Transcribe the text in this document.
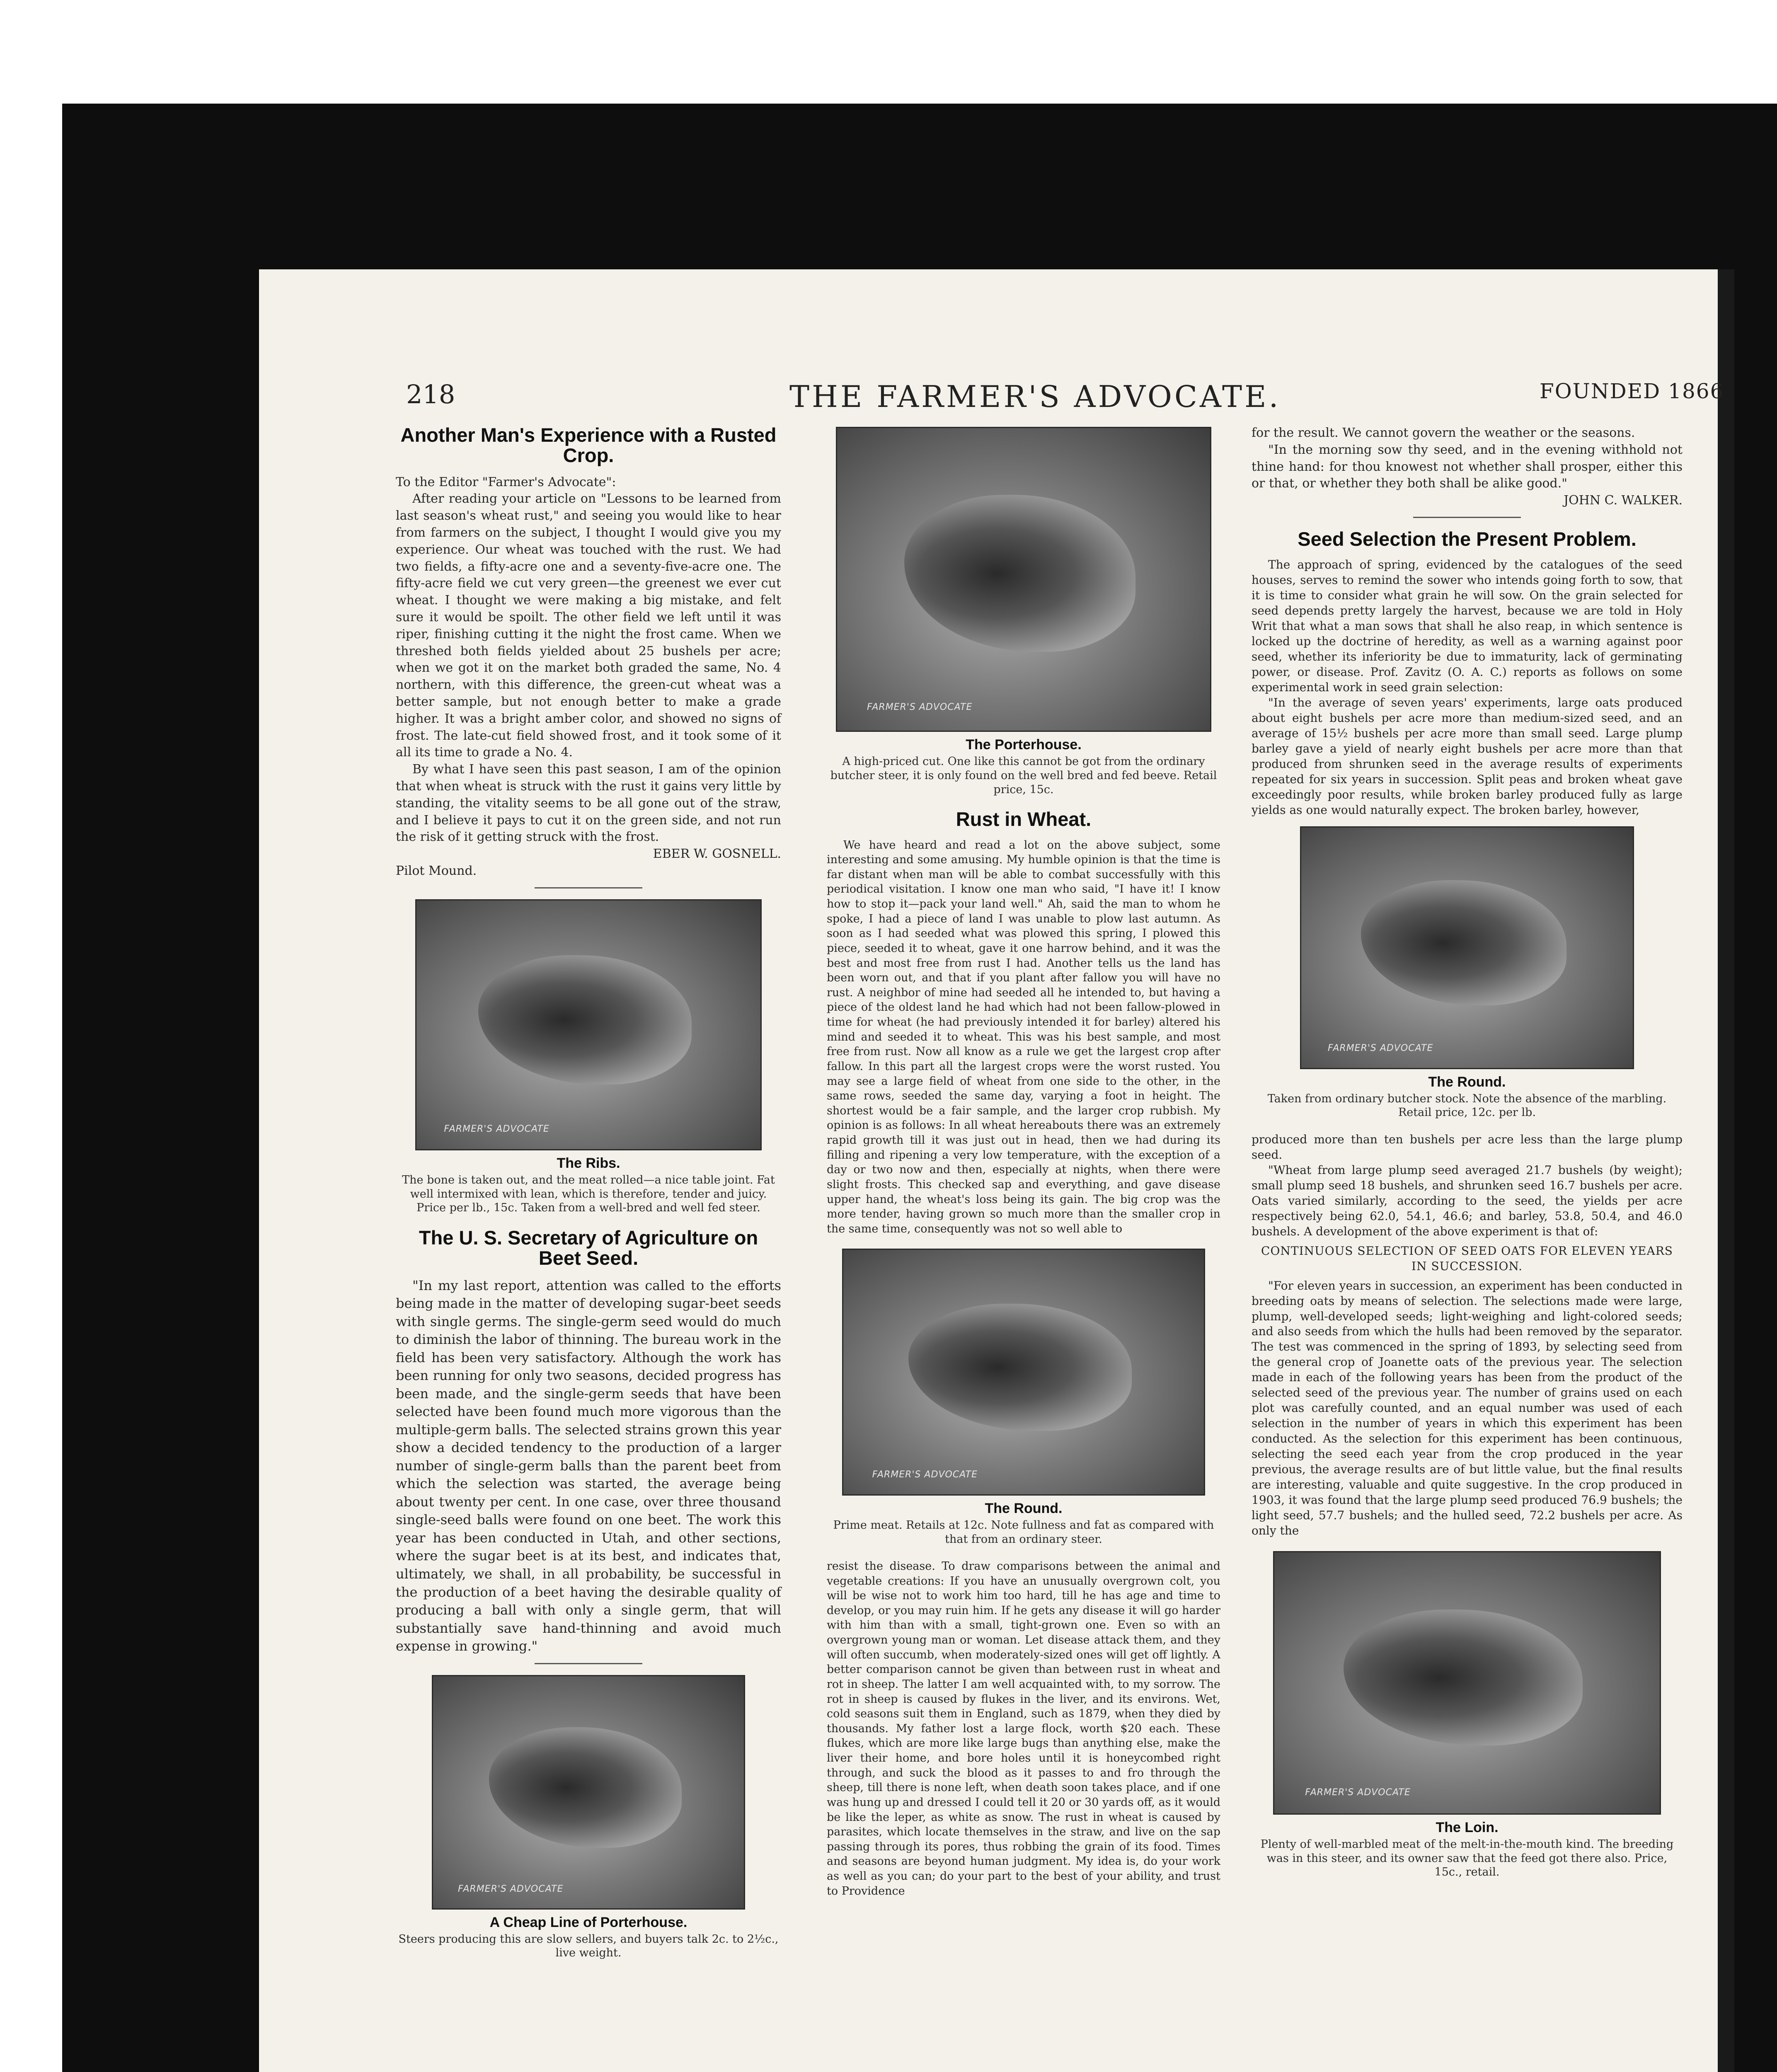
218	THE FARMER'S ADVOCATE.	FOUNDED 1866
Another Man's Experience with a Rusted Crop.

To the Editor "Farmer's Advocate":

After reading your article on "Lessons to be learned from last season's wheat rust," and seeing you would like to hear from farmers on the subject, I thought I would give you my experience. Our wheat was touched with the rust. We had two fields, a fifty-acre one and a seventy-five-acre one. The fifty-acre field we cut very green—the greenest we ever cut wheat. I thought we were making a big mistake, and felt sure it would be spoilt. The other field we left until it was riper, finishing cutting it the night the frost came. When we threshed both fields yielded about 25 bushels per acre; when we got it on the market both graded the same, No. 4 northern, with this difference, the green-cut wheat was a better sample, but not enough better to make a grade higher. It was a bright amber color, and showed no signs of frost. The late-cut field showed frost, and it took some of it all its time to grade a No. 4.

By what I have seen this past season, I am of the opinion that when wheat is struck with the rust it gains very little by standing, the vitality seems to be all gone out of the straw, and I believe it pays to cut it on the green side, and not run the risk of it getting struck with the frost.

EBER W. GOSNELL.

Pilot Mound.

FARMER'S ADVOCATE
The Ribs.
The bone is taken out, and the meat rolled—a nice table joint. Fat well intermixed with lean, which is therefore, tender and juicy. Price per lb., 15c. Taken from a well-bred and well fed steer.
The U. S. Secretary of Agriculture on Beet Seed.

"In my last report, attention was called to the efforts being made in the matter of developing sugar-beet seeds with single germs. The single-germ seed would do much to diminish the labor of thinning. The bureau work in the field has been very satisfactory. Although the work has been running for only two seasons, decided progress has been made, and the single-germ seeds that have been selected have been found much more vigorous than the multiple-germ balls. The selected strains grown this year show a decided tendency to the production of a larger number of single-germ balls than the parent beet from which the selection was started, the average being about twenty per cent. In one case, over three thousand single-seed balls were found on one beet. The work this year has been conducted in Utah, and other sections, where the sugar beet is at its best, and indicates that, ultimately, we shall, in all probability, be successful in the production of a beet having the desirable quality of producing a ball with only a single germ, that will substantially save hand-thinning and avoid much expense in growing."

FARMER'S ADVOCATE
A Cheap Line of Porterhouse.
Steers producing this are slow sellers, and buyers talk 2c. to 2½c., live weight.
FARMER'S ADVOCATE
The Porterhouse.
A high-priced cut. One like this cannot be got from the ordinary butcher steer, it is only found on the well bred and fed beeve. Retail price, 15c.
Rust in Wheat.

We have heard and read a lot on the above subject, some interesting and some amusing. My humble opinion is that the time is far distant when man will be able to combat successfully with this periodical visitation. I know one man who said, "I have it! I know how to stop it—pack your land well." Ah, said the man to whom he spoke, I had a piece of land I was unable to plow last autumn. As soon as I had seeded what was plowed this spring, I plowed this piece, seeded it to wheat, gave it one harrow behind, and it was the best and most free from rust I had. Another tells us the land has been worn out, and that if you plant after fallow you will have no rust. A neighbor of mine had seeded all he intended to, but having a piece of the oldest land he had which had not been fallow-plowed in time for wheat (he had previously intended it for barley) altered his mind and seeded it to wheat. This was his best sample, and most free from rust. Now all know as a rule we get the largest crop after fallow. In this part all the largest crops were the worst rusted. You may see a large field of wheat from one side to the other, in the same rows, seeded the same day, varying a foot in height. The shortest would be a fair sample, and the larger crop rubbish. My opinion is as follows: In all wheat hereabouts there was an extremely rapid growth till it was just out in head, then we had during its filling and ripening a very low temperature, with the exception of a day or two now and then, especially at nights, when there were slight frosts. This checked sap and everything, and gave disease upper hand, the wheat's loss being its gain. The big crop was the more tender, having grown so much more than the smaller crop in the same time, consequently was not so well able to

FARMER'S ADVOCATE
The Round.
Prime meat. Retails at 12c. Note fullness and fat as compared with that from an ordinary steer.

resist the disease. To draw comparisons between the animal and vegetable creations: If you have an unusually overgrown colt, you will be wise not to work him too hard, till he has age and time to develop, or you may ruin him. If he gets any disease it will go harder with him than with a small, tight-grown one. Even so with an overgrown young man or woman. Let disease attack them, and they will often succumb, when moderately-sized ones will get off lightly. A better comparison cannot be given than between rust in wheat and rot in sheep. The latter I am well acquainted with, to my sorrow. The rot in sheep is caused by flukes in the liver, and its environs. Wet, cold seasons suit them in England, such as 1879, when they died by thousands. My father lost a large flock, worth $20 each. These flukes, which are more like large bugs than anything else, make the liver their home, and bore holes until it is honeycombed right through, and suck the blood as it passes to and fro through the sheep, till there is none left, when death soon takes place, and if one was hung up and dressed I could tell it 20 or 30 yards off, as it would be like the leper, as white as snow. The rust in wheat is caused by parasites, which locate themselves in the straw, and live on the sap passing through its pores, thus robbing the grain of its food. Times and seasons are beyond human judgment. My idea is, do your work as well as you can; do your part to the best of your ability, and trust to Providence

for the result. We cannot govern the weather or the seasons.

"In the morning sow thy seed, and in the evening withhold not thine hand: for thou knowest not whether shall prosper, either this or that, or whether they both shall be alike good."

JOHN C. WALKER.

Seed Selection the Present Problem.

The approach of spring, evidenced by the catalogues of the seed houses, serves to remind the sower who intends going forth to sow, that it is time to consider what grain he will sow. On the grain selected for seed depends pretty largely the harvest, because we are told in Holy Writ that what a man sows that shall he also reap, in which sentence is locked up the doctrine of heredity, as well as a warning against poor seed, whether its inferiority be due to immaturity, lack of germinating power, or disease. Prof. Zavitz (O. A. C.) reports as follows on some experimental work in seed grain selection:

"In the average of seven years' experiments, large oats produced about eight bushels per acre more than medium-sized seed, and an average of 15½ bushels per acre more than small seed. Large plump barley gave a yield of nearly eight bushels per acre more than that produced from shrunken seed in the average results of experiments repeated for six years in succession. Split peas and broken wheat gave exceedingly poor results, while broken barley produced fully as large yields as one would naturally expect. The broken barley, however,

FARMER'S ADVOCATE
The Round.
Taken from ordinary butcher stock. Note the absence of the marbling. Retail price, 12c. per lb.

produced more than ten bushels per acre less than the large plump seed.

"Wheat from large plump seed averaged 21.7 bushels (by weight); small plump seed 18 bushels, and shrunken seed 16.7 bushels per acre. Oats varied similarly, according to the seed, the yields per acre respectively being 62.0, 54.1, 46.6; and barley, 53.8, 50.4, and 46.0 bushels. A development of the above experiment is that of:

CONTINUOUS SELECTION OF SEED OATS FOR ELEVEN YEARS IN SUCCESSION.

"For eleven years in succession, an experiment has been conducted in breeding oats by means of selection. The selections made were large, plump, well-developed seeds; light-weighing and light-colored seeds; and also seeds from which the hulls had been removed by the separator. The test was commenced in the spring of 1893, by selecting seed from the general crop of Joanette oats of the previous year. The selection made in each of the following years has been from the product of the selected seed of the previous year. The number of grains used on each plot was carefully counted, and an equal number was used of each selection in the number of years in which this experiment has been conducted. As the selection for this experiment has been continuous, selecting the seed each year from the crop produced in the year previous, the average results are of but little value, but the final results are interesting, valuable and quite suggestive. In the crop produced in 1903, it was found that the large plump seed produced 76.9 bushels; the light seed, 57.7 bushels; and the hulled seed, 72.2 bushels per acre. As only the

FARMER'S ADVOCATE
The Loin.
Plenty of well-marbled meat of the melt-in-the-mouth kind. The breeding was in this steer, and its owner saw that the feed got there also. Price, 15c., retail.
